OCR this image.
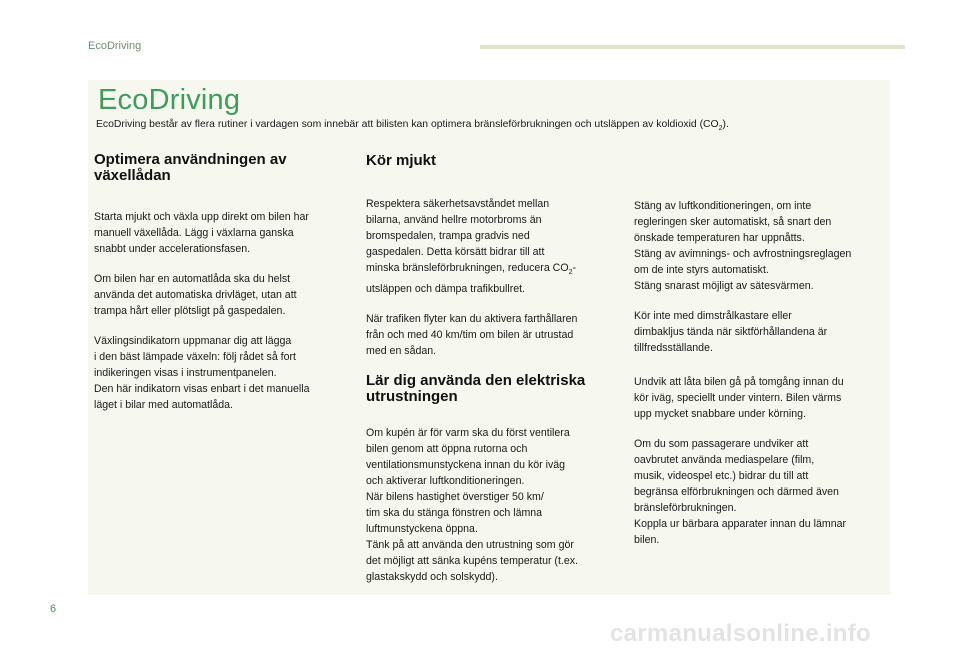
EcoDriving
EcoDriving

EcoDriving består av flera rutiner i vardagen som innebär att bilisten kan optimera bränsleförbrukningen och utsläppen av koldioxid $(CO_2)$.

Optimera användningen av
växellådan

Starta mjukt och växla upp direkt om bilen har
manuell växellåda. Lägg i växlarna ganska
snabbt under accelerationsfasen.

Om bilen har en automatlåda ska du helst
använda det automatiska drivläget, utan att
trampa hårt eller plötsligt på gaspedalen.

Växlingsindikatorn uppmanar dig att lägga
i den bäst lämpade växeln: följ rådet så fort
indikeringen visas i instrumentpanelen.
Den här indikatorn visas enbart i det manuella
läget i bilar med automatlåda.

Kör mjukt

Respektera säkerhetsavståndet mellan
bilarna, använd hellre motorbroms än
bromspedalen, trampa gradvis ned
gaspedalen. Detta körsätt bidrar till att
minska bränsleförbrukningen, reducera $CO_2-$
utsläppen och dämpa trafikbullret.

När trafiken flyter kan du aktivera farthållaren
från och med 40 km/tim om bilen är utrustad
med en sådan.

Lär dig använda den elektriska
utrustningen

Om kupén är för varm ska du först ventilera
bilen genom att öppna rutorna och
ventilationsmunstyckena innan du kör iväg
och aktiverar luftkonditioneringen.
När bilens hastighet överstiger 50 km/
tim ska du stänga fönstren och lämna
luftmunstyckena öppna.
Tänk på att använda den utrustning som gör
det möjligt att sänka kupéns temperatur (t.ex.
glastakskydd och solskydd).

Stäng av luftkonditioneringen, om inte
regleringen sker automatiskt, så snart den
önskade temperaturen har uppnåtts.
Stäng av avimnings- och avfrostningsreglagen
om de inte styrs automatiskt.
Stäng snarast möjligt av sätesvärmen.

Kör inte med dimstrålkastare eller
dimbakljus tända när siktförhållandena är
tillfredsställande.

Undvik att låta bilen gå på tomgång innan du
kör iväg, speciellt under vintern. Bilen värms
upp mycket snabbare under körning.

Om du som passagerare undviker att
oavbrutet använda mediaspelare (film,
musik, videospel etc.) bidrar du till att
begränsa elförbrukningen och därmed även
bränsleförbrukningen.
Koppla ur bärbara apparater innan du lämnar
bilen.

6
carmanualsonline.info
